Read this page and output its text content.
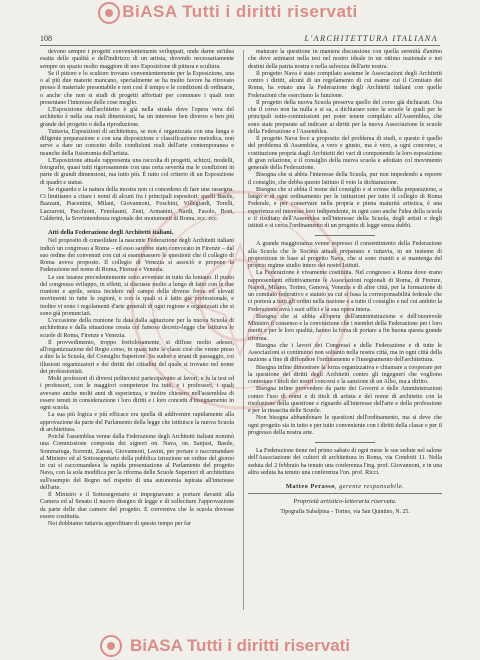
BiASA Tutti i diritti riservati
108	L'ARCHITETTURA ITALIANA

devono sempre i progetti convenientemente sviluppati, onde darne un'idea esatta delle qualità e dell'indirizzo di un artista, dovendo necessariamente sempre un spazio molto maggiore di uno Esposizione di pittura e scultura.

Se il pittore e lo scultore trovano convenientemente per la Esposizione, una o al più due materie mancano, specialmente se ha molto favore ha ritrovato presso il materiale presentabile e non così il tempo e le condizioni di ordinarie, o anche che non si studi di progetti affrettati per comunare i quali non presentano l'interesse delle cose meglio.

L'Esposizione dell'architetto è già nella strada dove l'opera vera del architetto è nella sua reali dimensioni, ha un interesse ben diverso e ben più grande del progetto o della riproduzione.

Tuttavia, Esposizioni di architettura, se non è organizzata con una lunga e diligente preparazione e con una disposizione e classificazione metodica, non serve a dare un concetto dello condizioni reali dell'arte contemporanea e neanche della fisionomia dell'artista.

L'Esposizione attuale rappresenta una raccolta di progetti, schizzi, modelli, fotografie, quasi tutti rigorosamente con una certa severità ma le condizioni in parte di grandi dimensioni, ma tutto più. È tutto col criterio di un Esposizione di quadri e statue.

Se riguardo e la natura della mostra non ci concedono di fare una rassegna. Ci limitiamo a citare i nomi di alcuni fra i principali espositori: quelli Basile, Bazzani, Piacentini, Milani, Giovannoni, Foschini, Villegiardi, Torelli, Lazzaroni, Pacchioni, Fenolasmi, Zeni, Armanini, Nardi, Fasolo, Boni, Calderini, la Sovrintendenza regionale dei monumenti di Roma, ecc. ecc.

Atti della Federazione degli Architetti italiani.

Nel proposito di consolidare la nascente Federazione degli Architetti italiani indicò un congresso a Roma – ed esso sarebbe stato convocato in Firenze – dal suo ordine dei convenuti con cui si esaminassero le questioni che il collegio di Roma aveva proposto. Il collegio di Venezia si associò e propone la Federazione nel nome di Roma, Firenze e Venezia.

Le sue istanze precedentemente sono avvenute in tutto da lontano. Il punto del congresso sviluppo, in effetti, si discusse molto a lungo di fatto con le due riunioni e aprile, senza incidere nel campo della diverse forze ed elevati movimenti in tutte le regioni, e con le quali si è fatto già professionale, e inoltre vi sono i regolamenti d'arte generali di ogni regione e organizzati che si sono già pronunciati.

L'occasione della riunione fu data dalla agitazione per la nuova Scuola di architettura e dalla situazione creata col famoso decreto-legge che istituiva le scuole di Roma, Firenze e Venezia.

Il provvedimento, troppo frettolosamente, si diffuse molto adesso, all'organizzazione del Regio corso, in quasi tutte le classi cioè che venne preso a dire la la Scuola, del Consiglio Superiore. Su sudori e strani di passaggio, coi illusioni organizzatori e dei diritti dei cittadini del quale si trovano nel nome dei professionisti.

Molti professori di diversi politecnici partecipavano ai lavori, e fu la tesi ed i professori, con le maggiori competenze fra tutti, e i professori, i quali avevano anche molti anni di esperienza, e inoltre chiesero nell'assemblea di essere tenuti in considerazione i loro diritti e i loro concetti d'insegnamento in ogni scuola.

La sua più logica e più efficace era quella di addivenire rapidamente alla approvazione da parte del Parlamento della legge che istituisce la nuova Scuola di architettura.

Poichè l'assemblea venne dalla Federazione degli Architetti italiani nominò una Commissione composta dei signori on. Nava, on. Sanjust, Basile, Sommaruga, Sorrenti, Zanasi, Giovannoni, Lavini, per portare e raccomandare al Ministro ed al Sottosegretario della pubblica istruzione un ordine del giorno in cui si raccomandava la rapida presentazione al Parlamento del progetto Nava, con la sola modifica per la riforma delle Scuole Superiori di architettura sull'esempio del Regno nel rispetto di una autonomia ispirata all'interesse dell'arte.

Il Ministro e il Sottosegretario si impegnavano a portare davanti alla Camera ed al Senato il nuovo disegno di legge e di sollecitare l'approvazione da parte delle due camere del progetto. E conveniva che la scuola dovesse essere costituita.

Noi dobbiamo tuttavia approfittare di questo tempo per far

maturare la questione in maniera discussione con quella serenità d'animo che deve animarsi nella tesi nel nostro ideale in un ottimo nazionale e nei destini della patria nostra e nella salvezza dell'arte nostra.

Il progetto Nava è stato compilato assieme le Associazioni degli Architetti contro i diritti, alcuni di un regolamento di cui esame cui il Comitato dei Roma, ha votato una la Federazione degli Architetti italiani con quelle Federazioni che esercitano la funzione.

Il progetto della nuova Scuola preserva quello del corso già dichiarati. Ora che il corso non ha nulla e si sa, a dichiarare sono le scuole le quali per le principali sotto-commissioni per poter tenere compilato all'Assemblea, che sono state preparate ad indicare ai diritti per la nuova Associazione le scuole della Federazione e l'Assemblea.

Il progetto Nava fece a proposito del problema di studi, e questo è quello del problema di Assemblea, a vero e giusto, ma è vero, a ogni concorso, a costituzione propria dagli Architetti dei vari di componendo la loro esposizione di gran relazione, e il consiglio della nuova scuola e adottato col movimento generale della Federazione.

Bisogna che si abbia l'interesse della Scuola, pur non impedendo a reporre il consiglio, che debba questo Istituto il voto la dichiarazione.

Bisogna che si abbia il nome del consiglio e si evinse della preparazione, a lungo e di ogni ordinamento per le istituzioni per tutto il collegio di Roma Federale, e per conservare nella propria e piena maturità artistica, è una esperienza ed interesse loro indipendente, in ogni caso anche l'idea della scuola e il risultato dell'Assemblea nell'interesse della Scuola, degli artisti e degli istituti e si cerca l'ordinamento di un progetto di legge senza dubbi.

A grande maggioranza venne espresso il consentimento della Federazione alla Scuola che le Società attuali preparano e tuttavia, in un insieme di proporzione in base al progetto Nava, che si sono riuniti e si mantenga del proprio regime studio intero dei nostri Istituti.

La Federazione è vivamente costituita. Nel congresso a Roma dove erano rappresentanti effettivamente le Associazioni regionali di Roma, di Firenze, Napoli, Milano, Torino, Genova, Venezia e di altre città, per la formazione di un comitato federativo e statuto su cui si basa la corresponsabilità federale che ci porterà a tutti gli ordini nella nazione e a tutto il consiglio e nel cui ambito la Federazione avrà i suoi uffici e la sua opera intera.

Bisogna che si abbia all'opera dell'amministrazione e dell'onorevole Ministro il consenso e la convinzione che i membri della Federazione per i loro meriti e per le loro qualità, hanno la forza di portare a fin buona questa grande riforma.

Bisogna che i lavori dei Congressi e della Federazione e di tutte le Associazioni si continuino non soltanto nella nostra città, ma in ogni città della nazione a fine di diffondere l'ordinamento e l'insegnamento dell'architettura.

Bisogna infine dimostrare la forza organizzativa e chiamare a cooperare per la questione dei diritti degli Architetti contro gli ingegneri che vogliono contestare i titoli dei nostri concorsi e la sanzione di un Albo, ma a diritto.

Bisogna infine provvedere da parte dei Governi e delle Amministrazioni contro l'uso di nomi e di titoli di artista e del nome di architetto con la risoluzione della questione e riguardo all'interesse dell'arte e della professione e per la rinascita delle Scuole.

Non bisogna abbandonare le questioni dell'ordinamento, ma si deve che ogni progetto sia in tutto e per tutto conveniente con i diritti della classe e per il progresso della nostra arte.

La Federazione tiene nel primo sabato di ogni mese le sue sedute nel salone dell'Associazione dei cultori di architettura in Roma, via Condotti 11. Nella seduta del 2 febbraio ha tenuto una conferenza l'ing. prof. Giovannoni, e in una altra seduta ha tenuto una conferenza l'on. prof. Ricci.

Matteo Perasso, gerente responsabile.
Proprietà artistico-letteraria riservata.
Tipografia Subalpina – Torino, via San Quintino, N. 25.
BiASA Tutti i diritti riservati
